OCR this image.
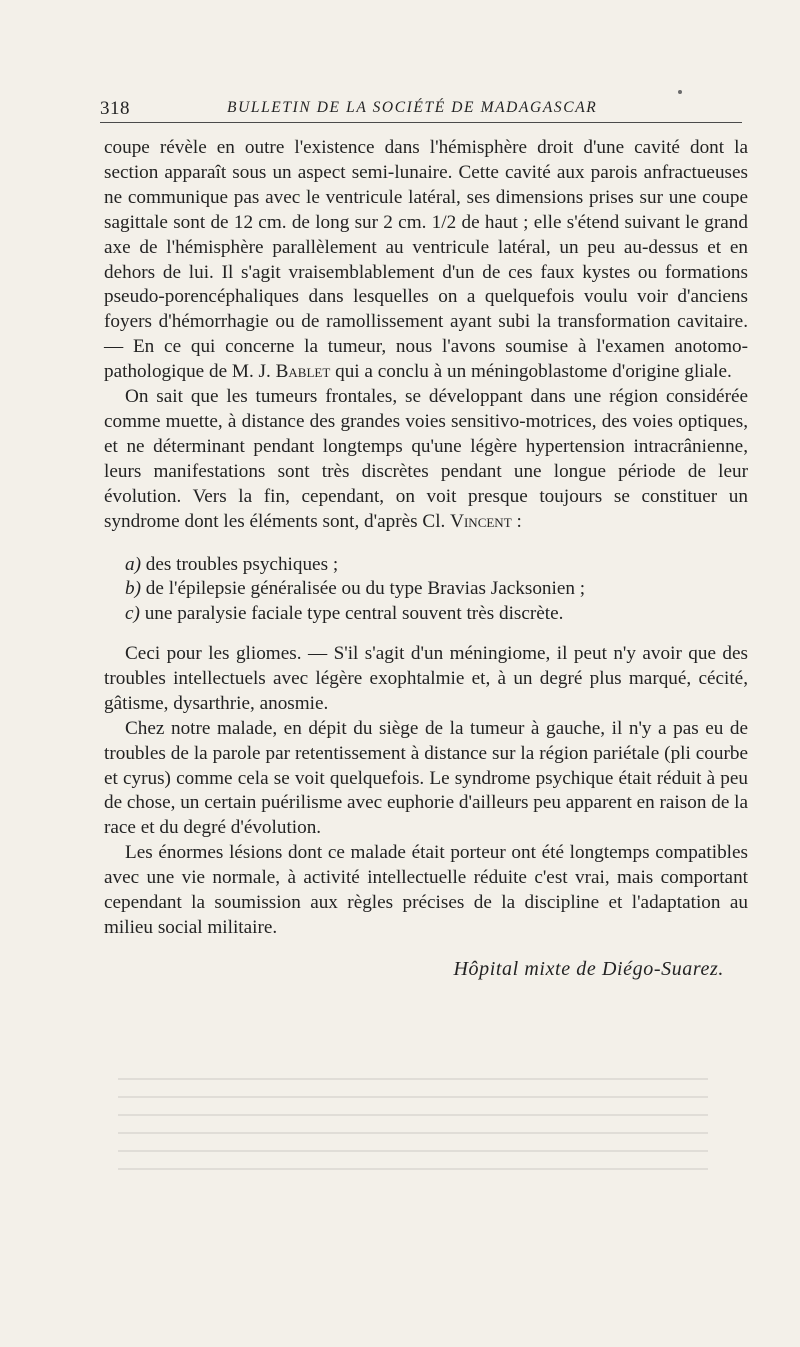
318	BULLETIN DE LA SOCIÉTÉ DE MADAGASCAR

coupe révèle en outre l'existence dans l'hémisphère droit d'une cavité dont la section apparaît sous un aspect semi-lunaire. Cette cavité aux parois anfractueuses ne communique pas avec le ventricule latéral, ses dimensions prises sur une coupe sagittale sont de 12 cm. de long sur 2 cm. 1/2 de haut ; elle s'étend suivant le grand axe de l'hémisphère parallèlement au ventricule latéral, un peu au-dessus et en dehors de lui. Il s'agit vraisemblablement d'un de ces faux kystes ou formations pseudo-porencéphaliques dans lesquelles on a quelquefois voulu voir d'anciens foyers d'hémorrhagie ou de ramollissement ayant subi la transformation cavitaire. — En ce qui concerne la tumeur, nous l'avons soumise à l'examen anotomo-pathologique de M. J. Bablet qui a conclu à un méningoblastome d'origine gliale.

On sait que les tumeurs frontales, se développant dans une région considérée comme muette, à distance des grandes voies sensitivo-motrices, des voies optiques, et ne déterminant pendant longtemps qu'une légère hypertension intracrânienne, leurs manifestations sont très discrètes pendant une longue période de leur évolution. Vers la fin, cependant, on voit presque toujours se constituer un syndrome dont les éléments sont, d'après Cl. Vincent :

a) des troubles psychiques ;
b) de l'épilepsie généralisée ou du type Bravias Jacksonien ;
c) une paralysie faciale type central souvent très discrète.

Ceci pour les gliomes. — S'il s'agit d'un méningiome, il peut n'y avoir que des troubles intellectuels avec légère exophtalmie et, à un degré plus marqué, cécité, gâtisme, dysarthrie, anosmie.

Chez notre malade, en dépit du siège de la tumeur à gauche, il n'y a pas eu de troubles de la parole par retentissement à distance sur la région pariétale (pli courbe et cyrus) comme cela se voit quelquefois. Le syndrome psychique était réduit à peu de chose, un certain puérilisme avec euphorie d'ailleurs peu apparent en raison de la race et du degré d'évolution.

Les énormes lésions dont ce malade était porteur ont été longtemps compatibles avec une vie normale, à activité intellectuelle réduite c'est vrai, mais comportant cependant la soumission aux règles précises de la discipline et l'adaptation au milieu social militaire.

Hôpital mixte de Diégo-Suarez.
